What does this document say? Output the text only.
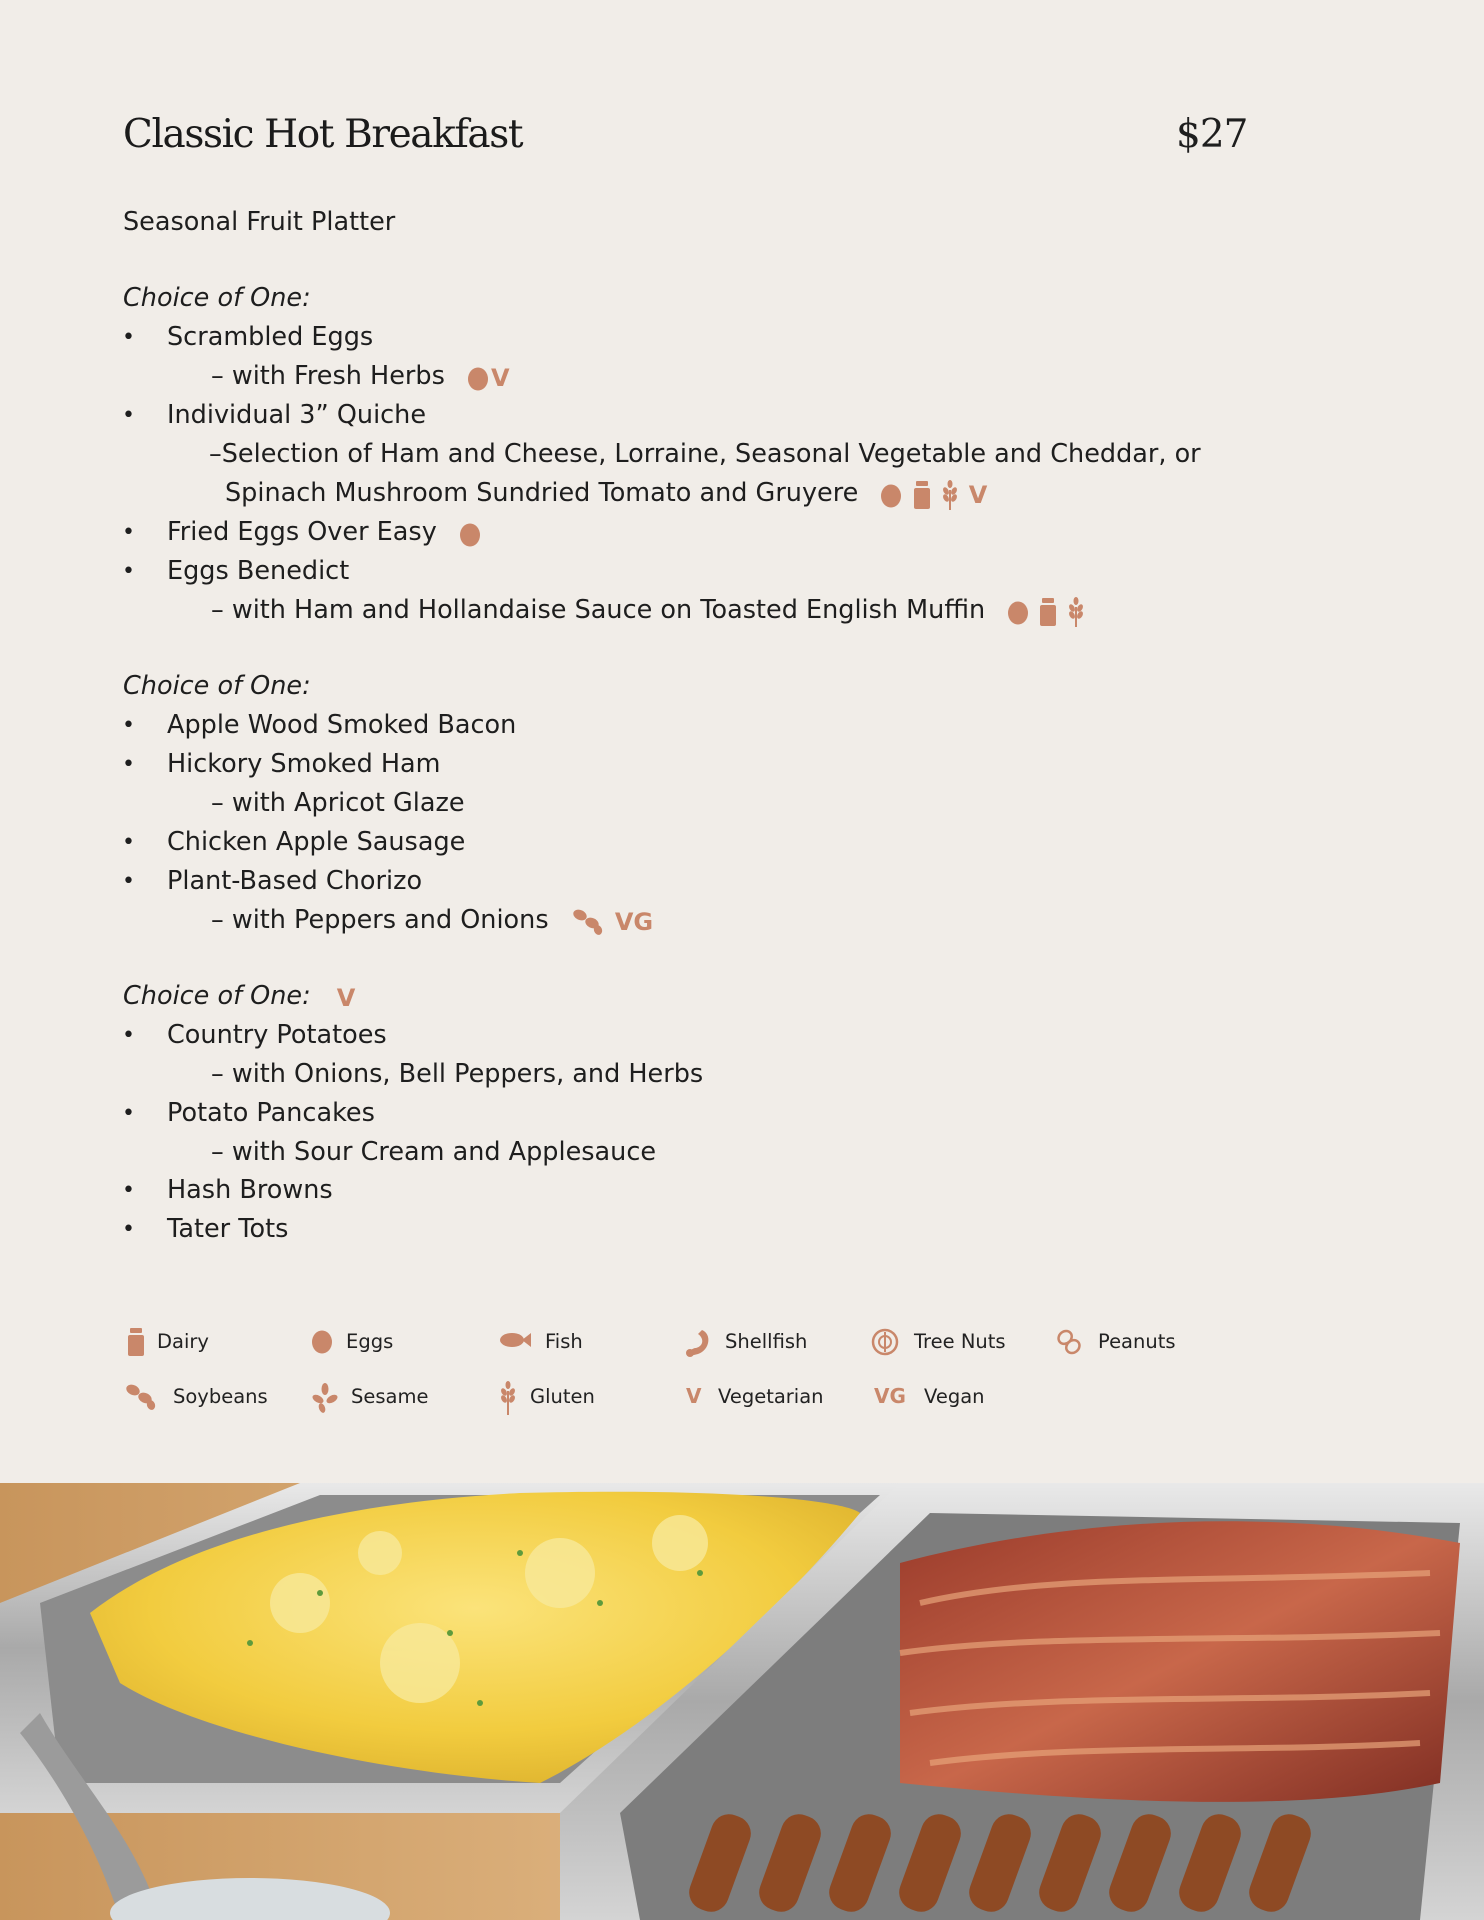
Classic Hot Breakfast	$27
Seasonal Fruit Platter
Choice of One:
• Scrambled Eggs
– with Fresh Herbs V
• Individual 3” Quiche
–Selection of Ham and Cheese, Lorraine, Seasonal Vegetable and Cheddar, or
Spinach Mushroom Sundried Tomato and Gruyere

	V
• Fried Eggs Over Easy
• Eggs Benedict
– with Ham and Hollandaise Sauce on Toasted English Muffin

Choice of One:
• Apple Wood Smoked Bacon
• Hickory Smoked Ham
– with Apricot Glaze
• Chicken Apple Sausage
• Plant-Based Chorizo
– with Peppers and Onions	VG
Choice of One: V
• Country Potatoes
– with Onions, Bell Peppers, and Herbs
• Potato Pancakes
– with Sour Cream and Applesauce
• Hash Browns
• Tater Tots
Dairy	Eggs	Fish	Shellfish	Tree Nuts	Peanuts
Soybeans	Sesame	Gluten	V Vegetarian	VG Vegan
